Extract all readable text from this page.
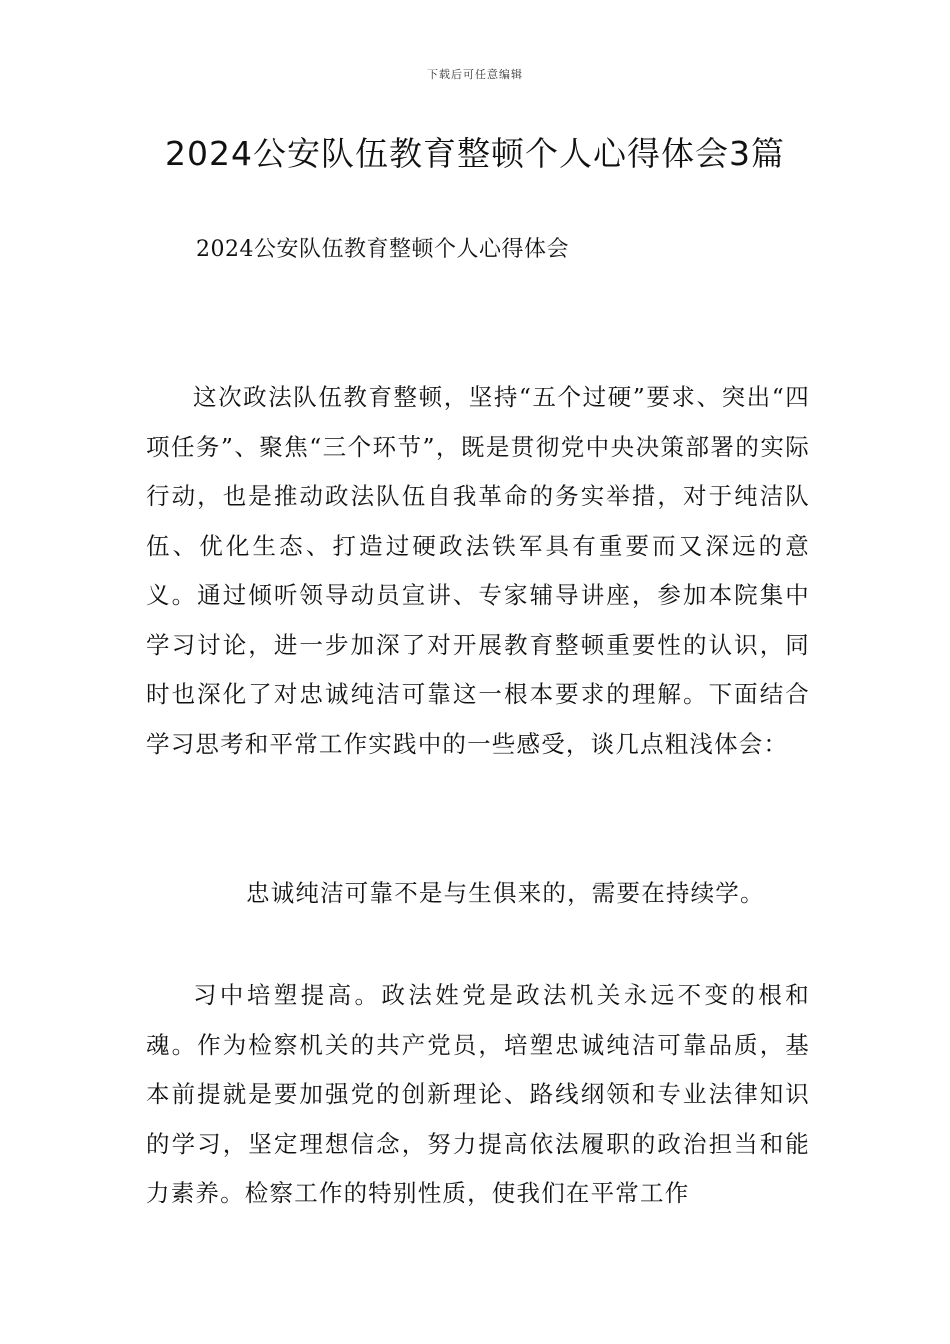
下载后可任意编辑
2024公安队伍教育整顿个人心得体会3篇
2024公安队伍教育整顿个人心得体会

这次政法队伍教育整顿，坚持“五个过硬”要求、突出“四项任务”、聚焦“三个环节”，既是贯彻党中央决策部署的实际行动，也是推动政法队伍自我革命的务实举措，对于纯洁队伍、优化生态、打造过硬政法铁军具有重要而又深远的意义。通过倾听领导动员宣讲、专家辅导讲座，参加本院集中学习讨论，进一步加深了对开展教育整顿重要性的认识，同时也深化了对忠诚纯洁可靠这一根本要求的理解。下面结合学习思考和平常工作实践中的一些感受，谈几点粗浅体会：

忠诚纯洁可靠不是与生俱来的，需要在持续学。

习中培塑提高。政法姓党是政法机关永远不变的根和魂。作为检察机关的共产党员，培塑忠诚纯洁可靠品质，基本前提就是要加强党的创新理论、路线纲领和专业法律知识的学习，坚定理想信念，努力提高依法履职的政治担当和能力素养。检察工作的特别性质，使我们在平常工作
